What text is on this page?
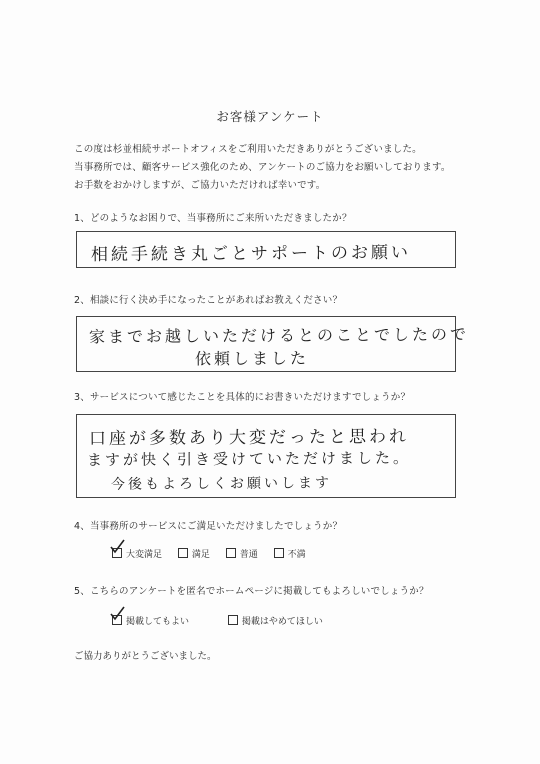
お客様アンケート
この度は杉並相続サポートオフィスをご利用いただきありがとうございました。
当事務所では、顧客サービス強化のため、アンケートのご協力をお願いしております。
お手数をおかけしますが、ご協力いただければ幸いです。
1、どのようなお困りで、当事務所にご来所いただきましたか？
相続手続き丸ごとサポートのお願い
2、相談に行く決め手になったことがあればお教えください？
家までお越しいただけるとのことでしたので
依頼しました
3、サービスについて感じたことを具体的にお書きいただけますでしょうか？
口座が多数あり大変だったと思われ
ますが快く引き受けていただけました。
今後もよろしくお願いします
4、当事務所のサービスにご満足いただけましたでしょうか？
大変満足	満足	普通	不満
5、こちらのアンケートを匿名でホームページに掲載してもよろしいでしょうか？
掲載してもよい	掲載はやめてほしい
ご協力ありがとうございました。
